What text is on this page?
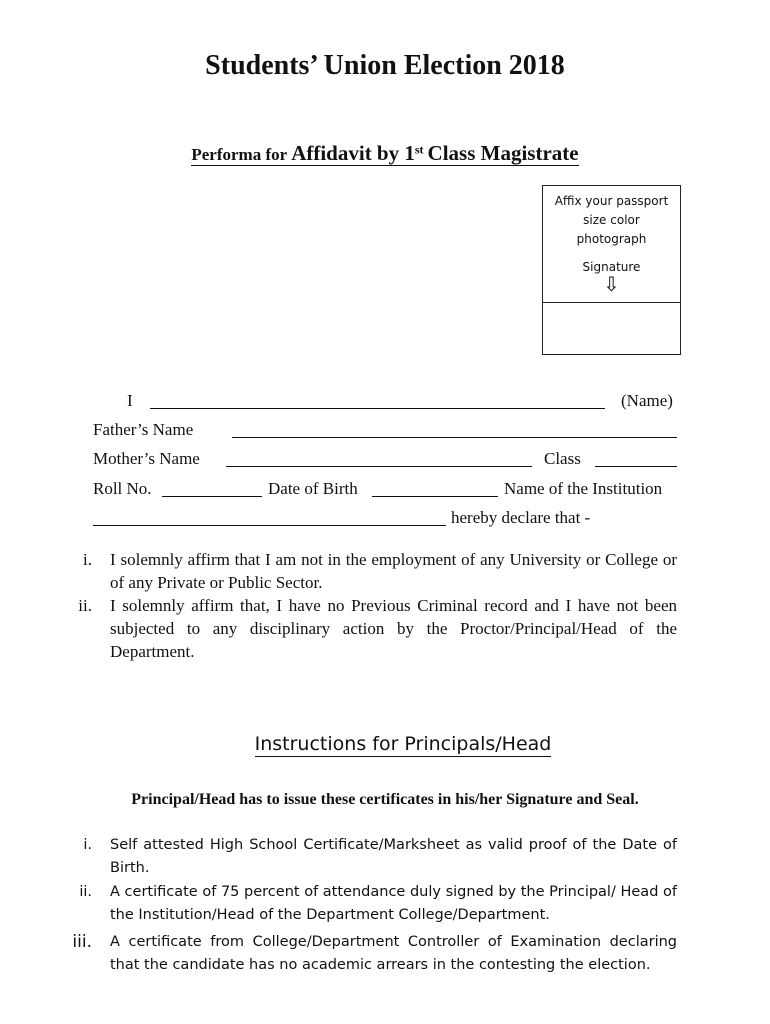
Students’ Union Election 2018
Performa for Affidavit by 1st Class Magistrate
Affix your passport size color photograph
Signature
⇩
I	(Name)
Father’s Name
Mother’s Name	Class
Roll No.	Date of Birth	Name of the Institution
hereby declare that -
i. I solemnly affirm that I am not in the employment of any University or College or of any Private or Public Sector.
ii. I solemnly affirm that, I have no Previous Criminal record and I have not been subjected to any disciplinary action by the Proctor/Principal/Head of the Department.
Instructions for Principals/Head
Principal/Head has to issue these certificates in his/her Signature and Seal.
i. Self attested High School Certificate/Marksheet as valid proof of the Date of Birth.
ii. A certificate of 75 percent of attendance duly signed by the Principal/ Head of the Institution/Head of the Department College/Department.
iii. A certificate from College/Department Controller of Examination declaring that the candidate has no academic arrears in the contesting the election.
